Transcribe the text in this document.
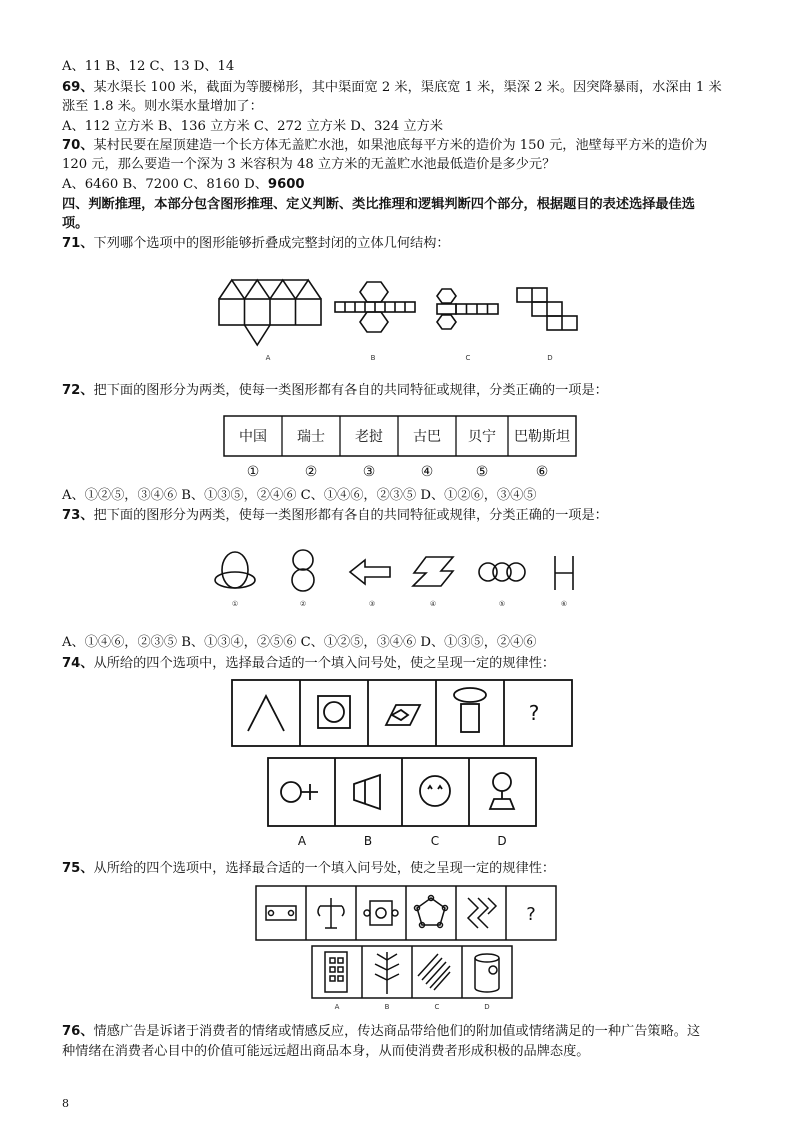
A、11 B、12 C、13 D、14
69、某水渠长 100 米，截面为等腰梯形，其中渠面宽 2 米，渠底宽 1 米，渠深 2 米。因突降暴雨，水深由 1 米
涨至 1.8 米。则水渠水量增加了：
A、112 立方米 B、136 立方米 C、272 立方米 D、324 立方米
70、某村民要在屋顶建造一个长方体无盖贮水池，如果池底每平方米的造价为 150 元，池壁每平方米的造价为
120 元，那么要造一个深为 3 米容积为 48 立方米的无盖贮水池最低造价是多少元？
A、6460 B、7200 C、8160 D、9600
四、判断推理，本部分包含图形推理、定义判断、类比推理和逻辑判断四个部分，根据题目的表述选择最佳选
项。
71、下列哪个选项中的图形能够折叠成完整封闭的立体几何结构：
A	B	C	D
72、把下面的图形分为两类，使每一类图形都有各自的共同特征或规律，分类正确的一项是：
中国 瑞士 老挝 古巴 贝宁 巴勒斯坦
①	②	③	④	⑤	⑥
A、①②⑤，③④⑥ B、①③⑤，②④⑥ C、①④⑥，②③⑤ D、①②⑥，③④⑤
73、把下面的图形分为两类，使每一类图形都有各自的共同特征或规律，分类正确的一项是：
①	②	③	④	⑤	⑥
A、①④⑥，②③⑤ B、①③④，②⑤⑥ C、①②⑤，③④⑥ D、①③⑤，②④⑥
74、从所给的四个选项中，选择最合适的一个填入问号处，使之呈现一定的规律性：
?
A	B	C	D
75、从所给的四个选项中，选择最合适的一个填入问号处，使之呈现一定的规律性：
?
A	B	C	D
76、情感广告是诉诸于消费者的情绪或情感反应，传达商品带给他们的附加值或情绪满足的一种广告策略。这
种情绪在消费者心目中的价值可能远远超出商品本身，从而使消费者形成积极的品牌态度。
8
